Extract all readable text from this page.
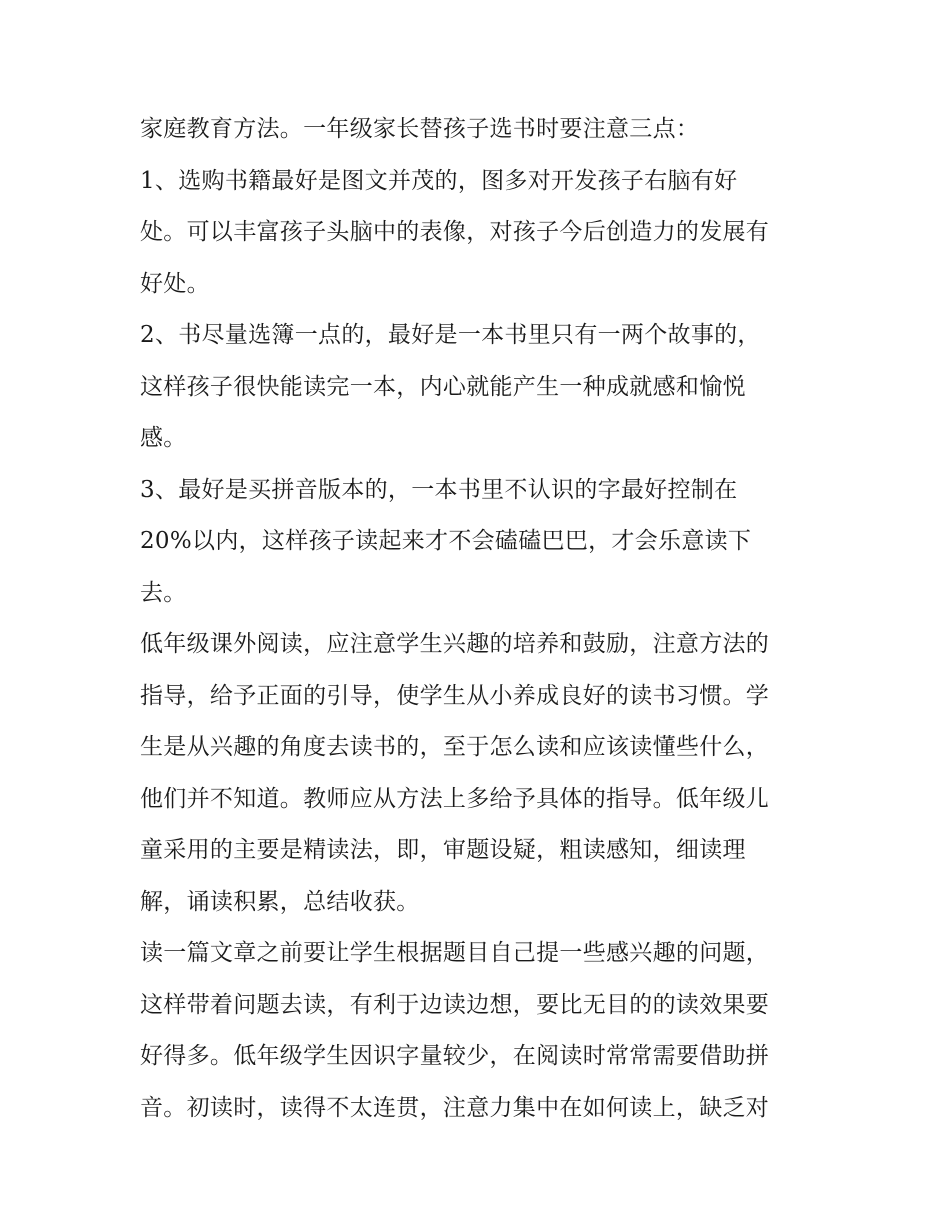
家庭教育方法。一年级家长替孩子选书时要注意三点：
1、选购书籍最好是图文并茂的，图多对开发孩子右脑有好
处。可以丰富孩子头脑中的表像，对孩子今后创造力的发展有
好处。
2、书尽量选簿一点的，最好是一本书里只有一两个故事的，
这样孩子很快能读完一本，内心就能产生一种成就感和愉悦
感。
3、最好是买拼音版本的，一本书里不认识的字最好控制在
20%以内，这样孩子读起来才不会磕磕巴巴，才会乐意读下
去。
低年级课外阅读，应注意学生兴趣的培养和鼓励，注意方法的
指导，给予正面的引导，使学生从小养成良好的读书习惯。学
生是从兴趣的角度去读书的，至于怎么读和应该读懂些什么，
他们并不知道。教师应从方法上多给予具体的指导。低年级儿
童采用的主要是精读法，即，审题设疑，粗读感知，细读理
解，诵读积累，总结收获。
读一篇文章之前要让学生根据题目自己提一些感兴趣的问题，
这样带着问题去读，有利于边读边想，要比无目的的读效果要
好得多。低年级学生因识字量较少，在阅读时常常需要借助拼
音。初读时，读得不太连贯，注意力集中在如何读上，缺乏对
